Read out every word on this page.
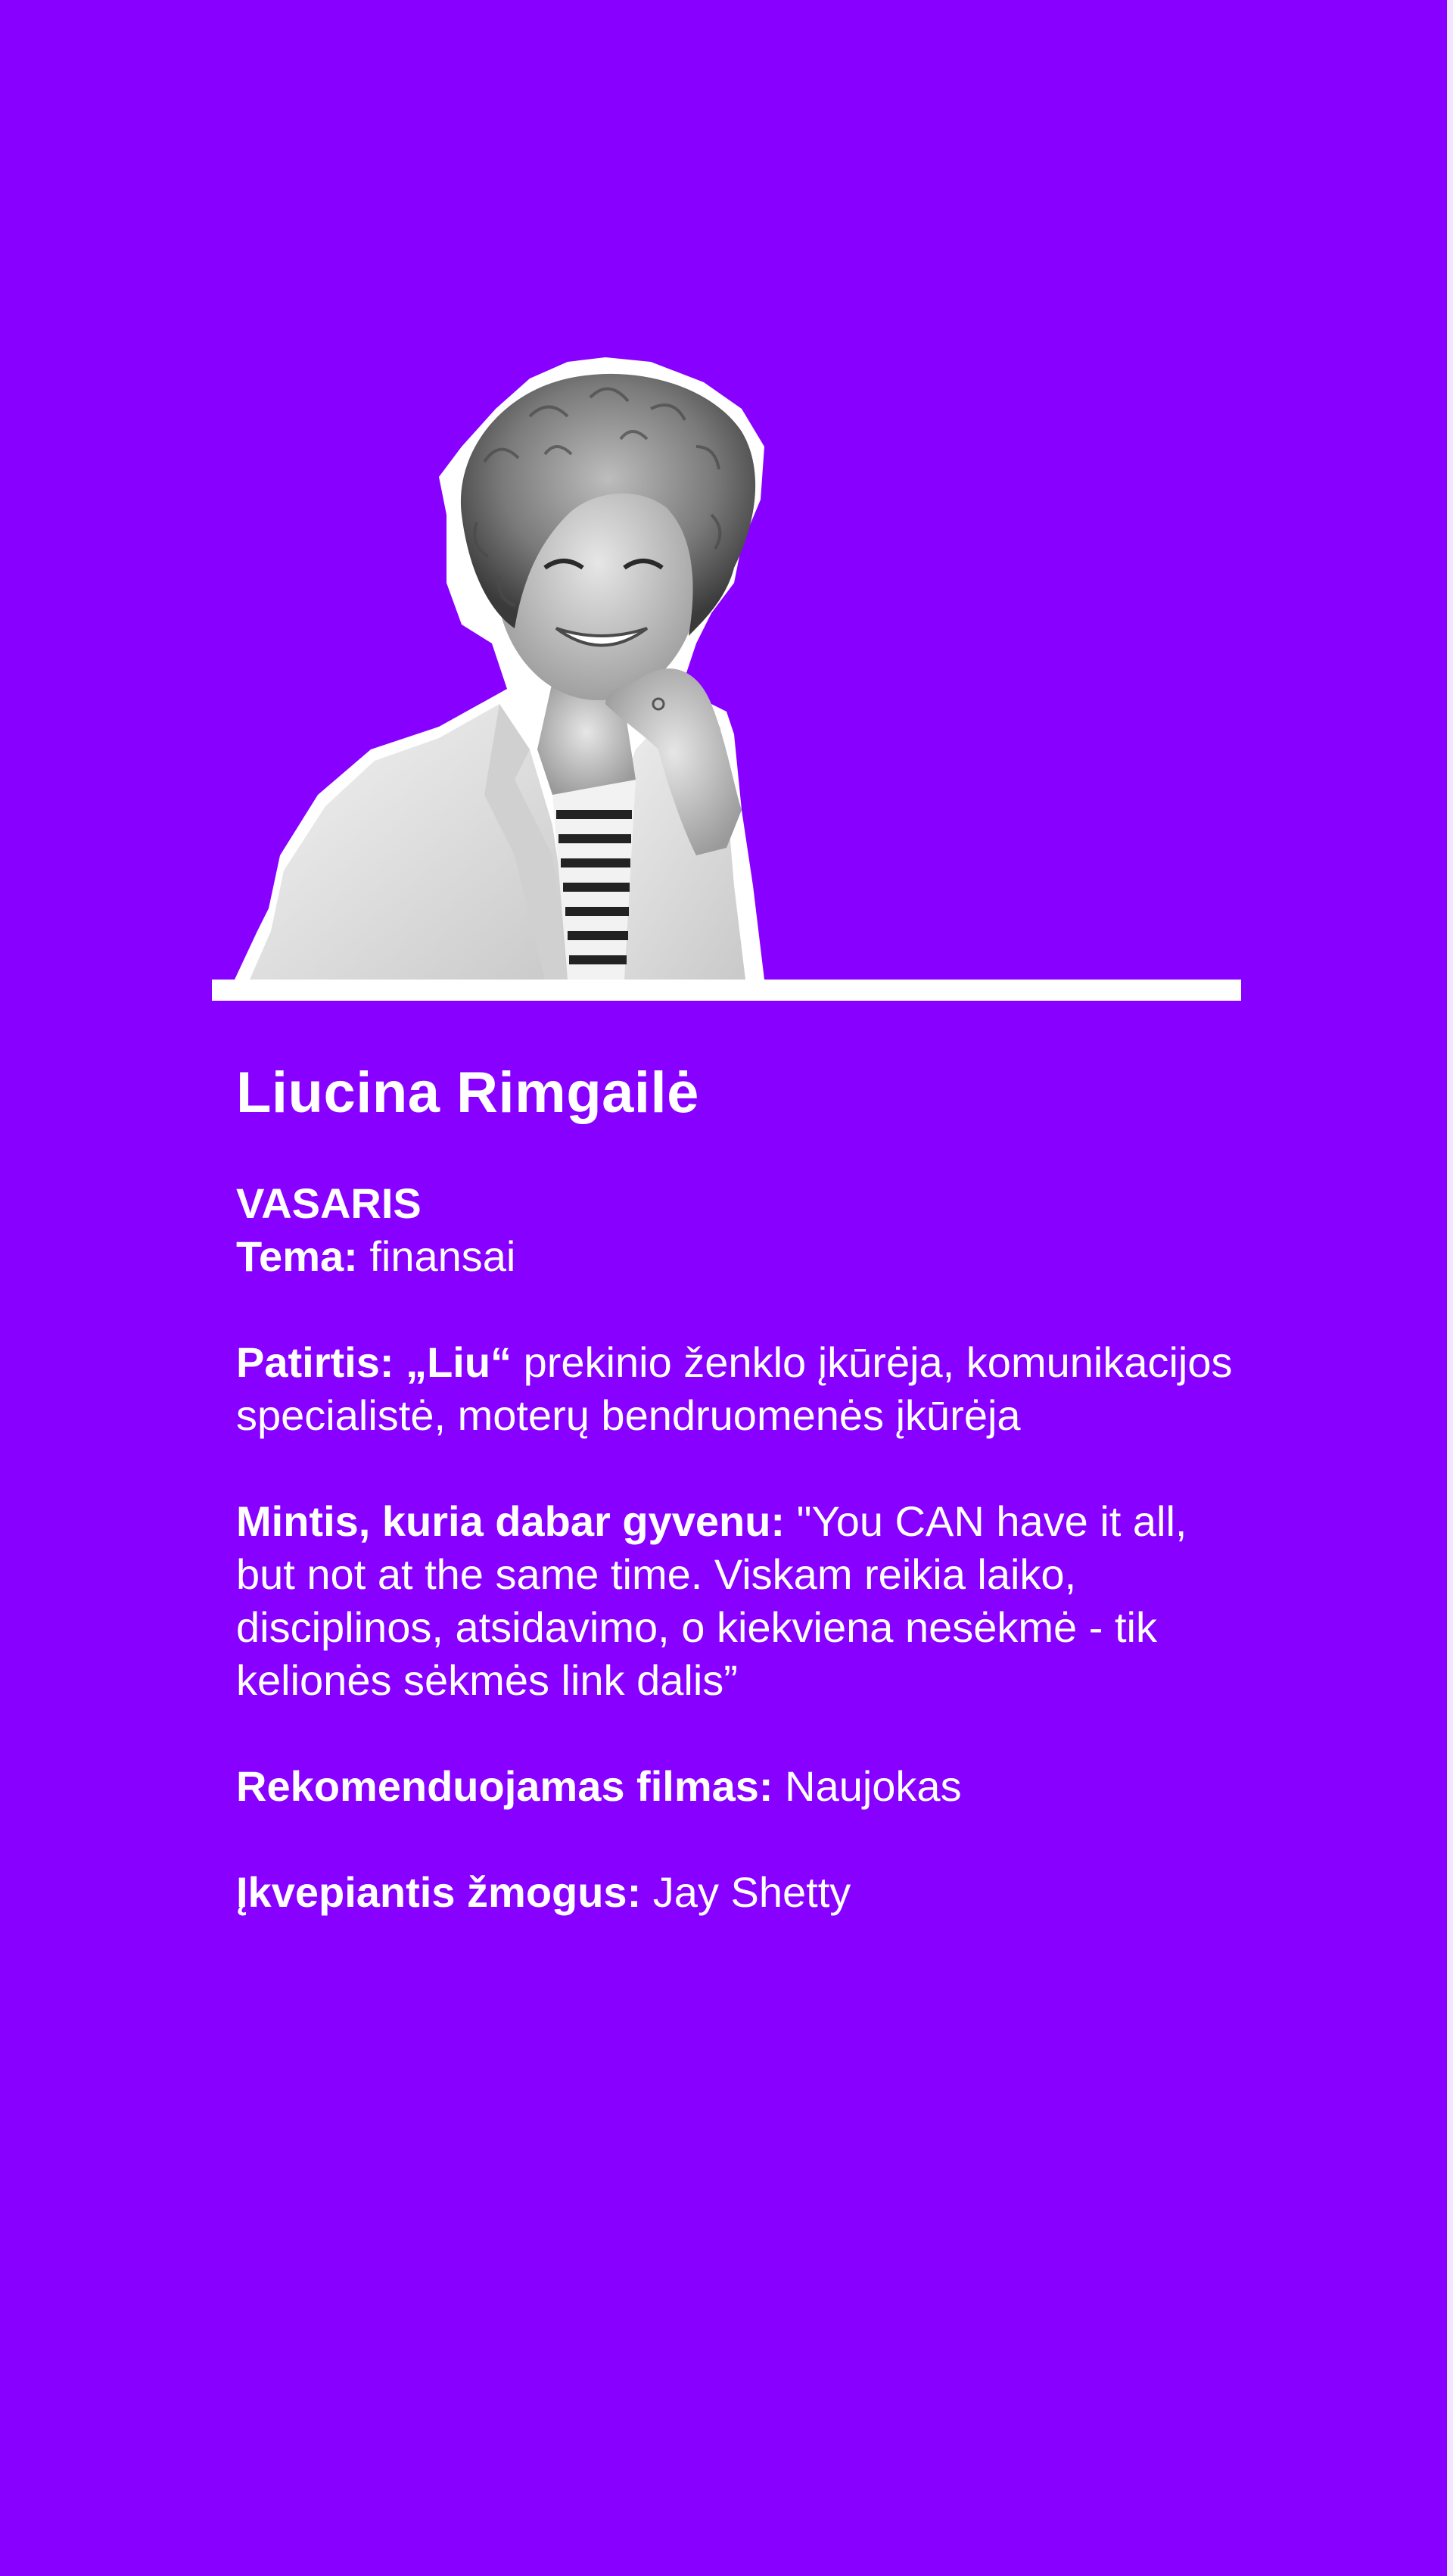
Liucina Rimgailė

VASARIS

Tema: finansai

Patirtis: „Liu“ prekinio ženklo įkūrėja, komunikacijos specialistė, moterų bendruomenės įkūrėja

Mintis, kuria dabar gyvenu: "You CAN have it all, but not at the same time. Viskam reikia laiko, disciplinos, atsidavimo, o kiekviena nesėkmė - tik kelionės sėkmės link dalis”

Rekomenduojamas filmas: Naujokas

Įkvepiantis žmogus: Jay Shetty
